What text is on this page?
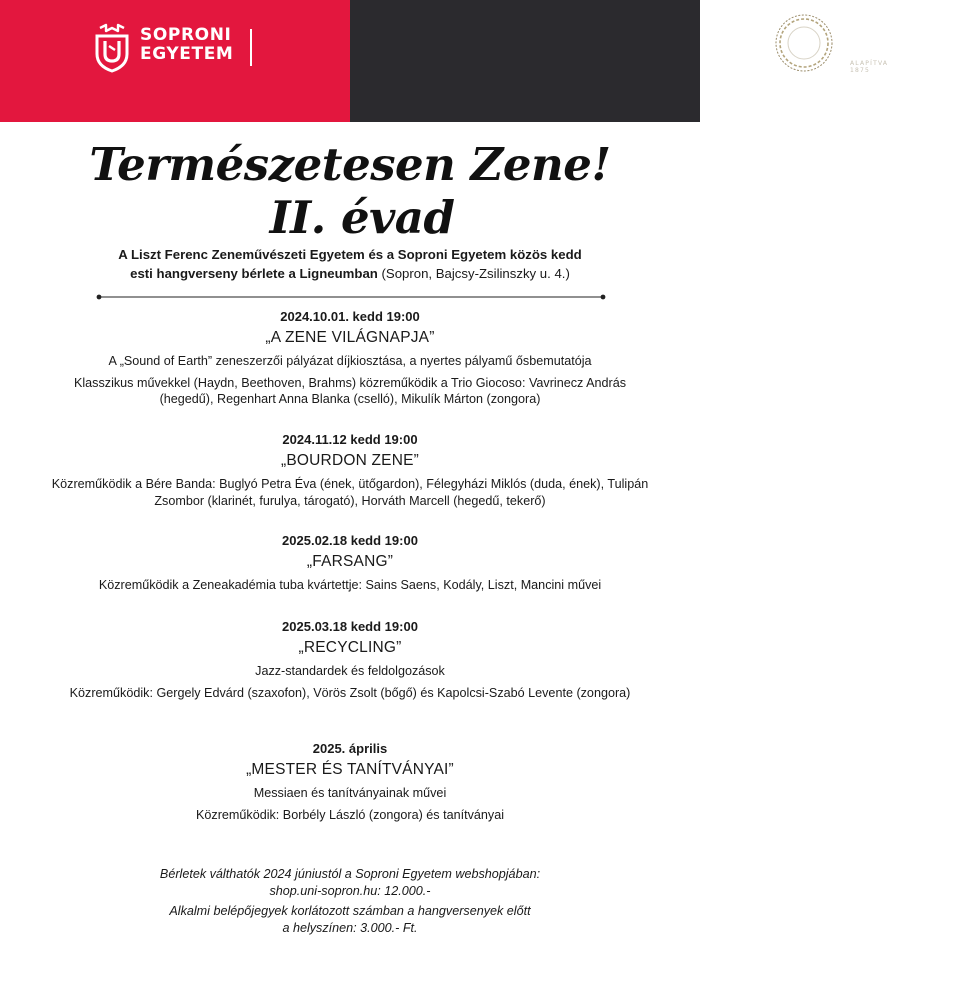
SOPRONI
EGYETEM	ZENEAKADÉMIA
ALAPÍTVA 1875
Természetesen Zene! II. évad
A Liszt Ferenc Zeneművészeti Egyetem és a Soproni Egyetem közös kedd
esti hangverseny bérlete a Ligneumban (Sopron, Bajcsy-Zsilinszky u. 4.)
2024.10.01. kedd 19:00
„A ZENE VILÁGNAPJA”
A „Sound of Earth” zeneszerzői pályázat díjkiosztása, a nyertes pályamű ősbemutatója
Klasszikus művekkel (Haydn, Beethoven, Brahms) közreműködik a Trio Giocoso: Vavrinecz András (hegedű), Regenhart Anna Blanka (cselló), Mikulík Márton (zongora)
2024.11.12 kedd 19:00
„BOURDON ZENE”
Közreműködik a Bére Banda: Buglyó Petra Éva (ének, ütőgardon), Félegyházi Miklós (duda, ének), Tulipán Zsombor (klarinét, furulya, tárogató), Horváth Marcell (hegedű, tekerő)
2025.02.18 kedd 19:00
„FARSANG”
Közreműködik a Zeneakadémia tuba kvártettje: Sains Saens, Kodály, Liszt, Mancini művei
2025.03.18 kedd 19:00
„RECYCLING”
Jazz-standardek és feldolgozások
Közreműködik: Gergely Edvárd (szaxofon), Vörös Zsolt (bőgő) és Kapolcsi-Szabó Levente (zongora)
2025. április
„MESTER ÉS TANÍTVÁNYAI”
Messiaen és tanítványainak művei
Közreműködik: Borbély László (zongora) és tanítványai

Bérletek válthatók 2024 júniustól a Soproni Egyetem webshopjában:
shop.uni-sopron.hu: 12.000.-

Alkalmi belépőjegyek korlátozott számban a hangversenyek előtt
a helyszínen: 3.000.- Ft.
